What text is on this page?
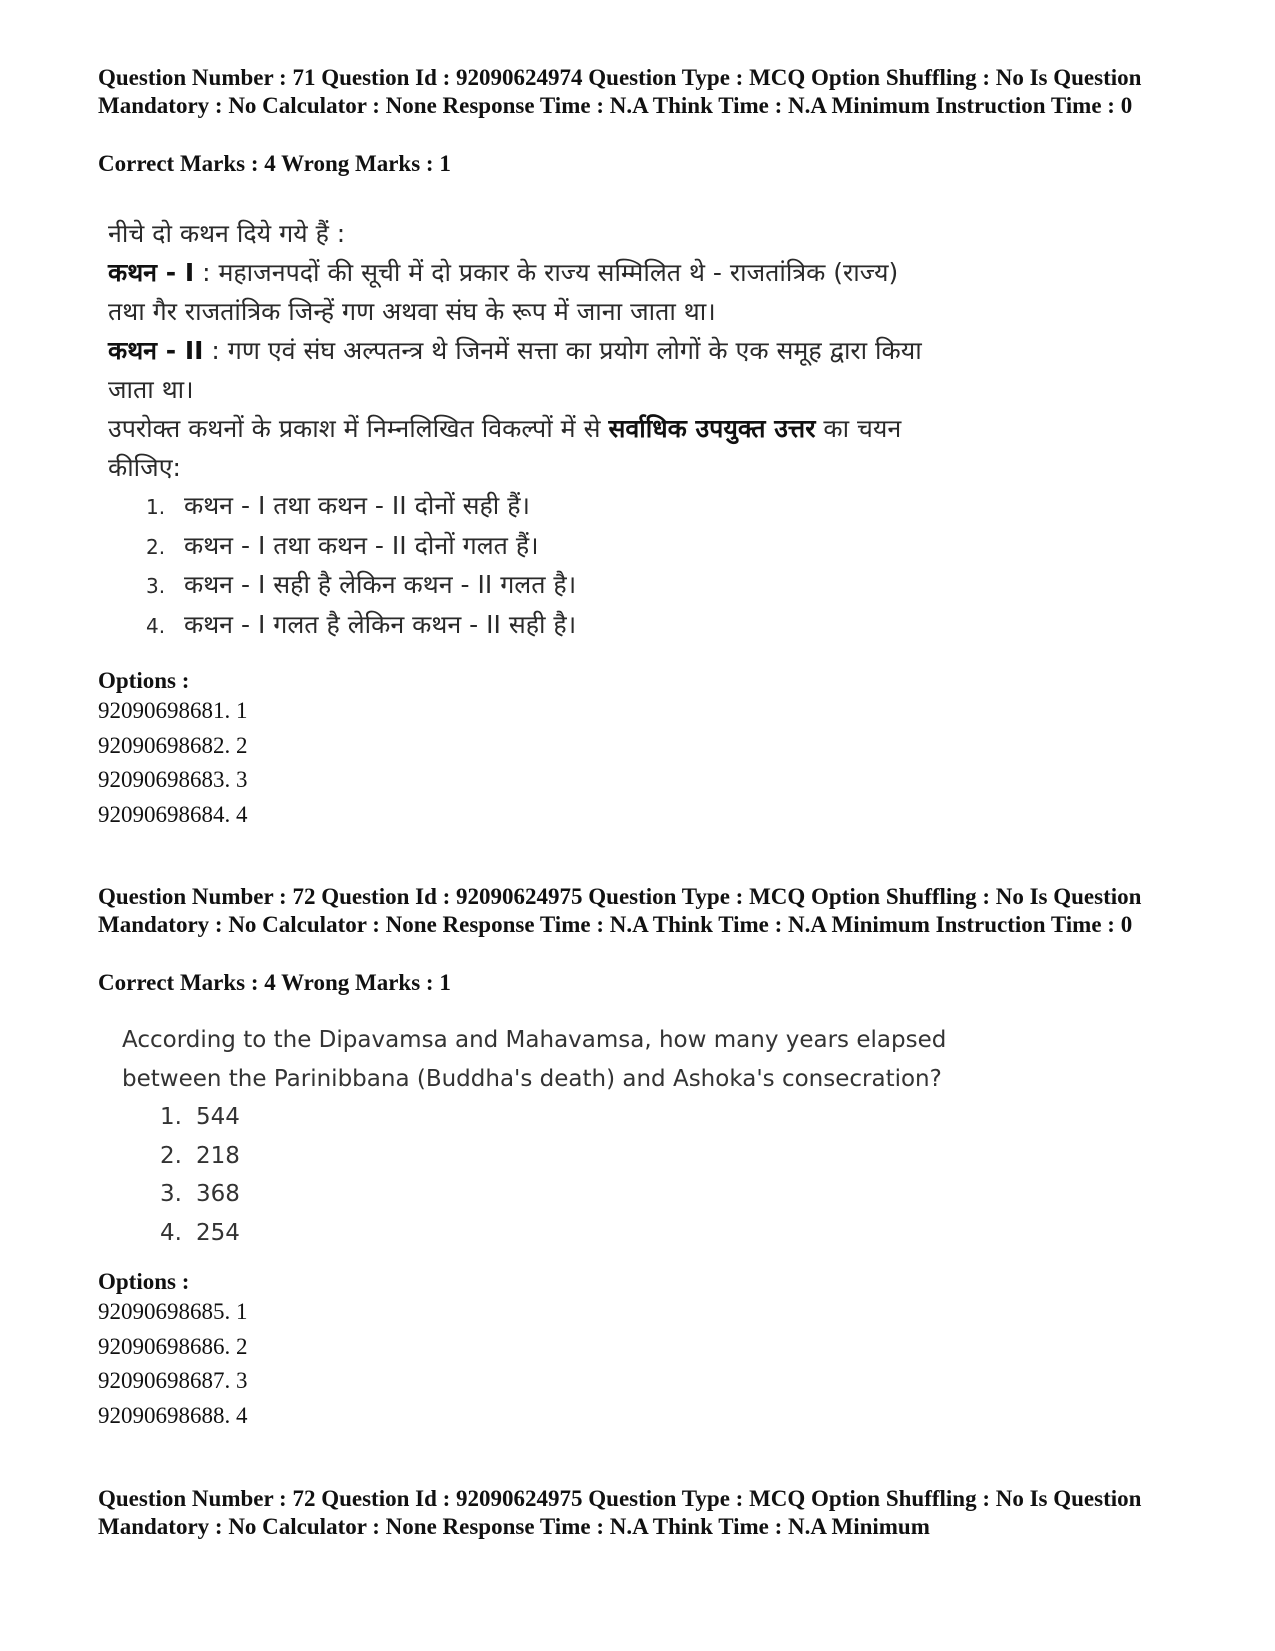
Question Number : 71 Question Id : 92090624974 Question Type : MCQ Option Shuffling : No Is Question Mandatory : No Calculator : None Response Time : N.A Think Time : N.A Minimum Instruction Time : 0

Correct Marks : 4 Wrong Marks : 1

नीचे दो कथन दिये गये हैं :
कथन - I : महाजनपदों की सूची में दो प्रकार के राज्य सम्मिलित थे - राजतांत्रिक (राज्य)
तथा गैर राजतांत्रिक जिन्हें गण अथवा संघ के रूप में जाना जाता था।
कथन - II : गण एवं संघ अल्पतन्त्र थे जिनमें सत्ता का प्रयोग लोगों के एक समूह द्वारा किया
जाता था।
उपरोक्त कथनों के प्रकाश में निम्नलिखित विकल्पों में से सर्वाधिक उपयुक्त उत्तर का चयन
कीजिए:
1. कथन - I तथा कथन - II दोनों सही हैं।
2. कथन - I तथा कथन - II दोनों गलत हैं।
3. कथन - I सही है लेकिन कथन - II गलत है।
4. कथन - I गलत है लेकिन कथन - II सही है।

Options :

92090698681. 1
92090698682. 2
92090698683. 3
92090698684. 4

Question Number : 72 Question Id : 92090624975 Question Type : MCQ Option Shuffling : No Is Question Mandatory : No Calculator : None Response Time : N.A Think Time : N.A Minimum Instruction Time : 0

Correct Marks : 4 Wrong Marks : 1

According to the Dipavamsa and Mahavamsa, how many years elapsed
between the Parinibbana (Buddha's death) and Ashoka's consecration?
1. 544
2. 218
3. 368
4. 254

Options :

92090698685. 1
92090698686. 2
92090698687. 3
92090698688. 4

Question Number : 72 Question Id : 92090624975 Question Type : MCQ Option Shuffling : No Is Question Mandatory : No Calculator : None Response Time : N.A Think Time : N.A Minimum
